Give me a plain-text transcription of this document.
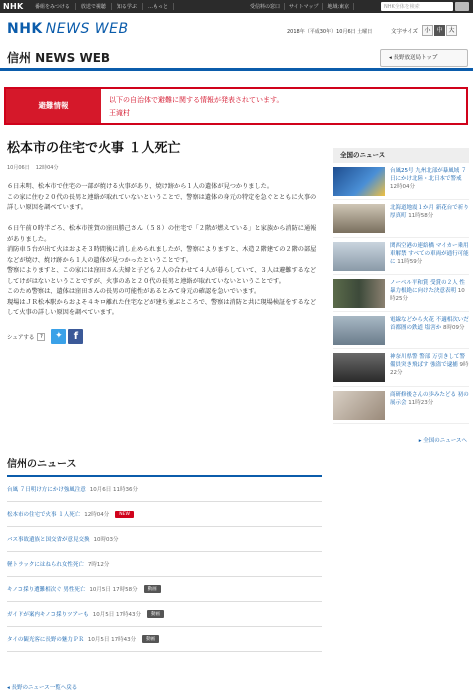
NHK	番組をみつける	放送で視聴	知る学ぶ	…もっと	受信料の窓口	サイトマップ	地域:東京	NHK全体を検索
NHK NEWS WEB	2018年（平成30年）10月6日 土曜日	文字サイズ	小 中 大
信州 NEWS WEB	◂ 長野放送局トップ
避難情報
以下の自治体で避難に関する情報が発表されています。
王滝村
松本市の住宅で火事 １人死亡
10月06日 12時04分

６日未明、松本市で住宅の一部が焼ける火事があり、焼け跡から１人の遺体が見つかりました。
この家に住む２０代の長男と連絡が取れていないということで、警察は遺体の身元の特定を急ぐとともに火事の詳しい原因を調べています。

６日午前０時半ごろ、松本市笹賀の窪田勝己さん（５８）の住宅で「２階が燃えている」と家族から消防に通報がありました。
消防車５台が出て火はおよそ３時間後に消し止められましたが、警察によりますと、木造２階建ての２階の部屋などが焼け、焼け跡から１人の遺体が見つかったということです。
警察によりますと、この家には窪田さん夫婦と子ども２人の合わせて４人が暮らしていて、３人は避難するなどしてけがはないということですが、火事のあと２０代の長男と連絡が取れていないということです。
このため警察は、遺体は窪田さんの長男の可能性があるとみて身元の確認を急いでいます。
現場はＪＲ松本駅からおよそ４キロ離れた住宅などが建ち並ぶところで、警察は消防と共に現場検証をするなどして火事の詳しい原因を調べています。

シェアする	?	✦	f
信州のニュース
台風 ７日明け方にかけ強風注意 10月6日 11時36分
松本市の住宅で火事 １人死亡 12時04分	NEW
バス事故遺族と国交省が意見交換 10時03分
軽トラックにはねられ女性死亡 7時12分
キノコ採り遭難相次ぐ 男性死亡 10月5日 17時58分	動画
ガイドが案内キノコ採りツアーも 10月5日 17時43分	動画
タイの観光客に長野の魅力ＰＲ 10月5日 17時43分	動画
◂ 長野のニュース一覧へ戻る
全国のニュース
台風25号 九州北部が暴風域 ７日にかけ北陸・北日本で警戒 12時04分
北海道地震１か月 新花台で祈り 厚真町 11時58分
関西空港の連絡橋 マイカー乗用車解禁 すべての車両が通行可能に 11時59分
ノーベル平和賞 受賞の２人 性暴力根絶に向けた決意表明 10時25分
電線などから火花 不適相次いだ首都圏の鉄道 塩害か 8時09分
神奈川県警 警部 万引きして警備員突き飛ばす 強盗で逮捕 9時22分
商研修後さんの歩みたどる 初の展示会 11時23分
▸ 全国のニュースへ
